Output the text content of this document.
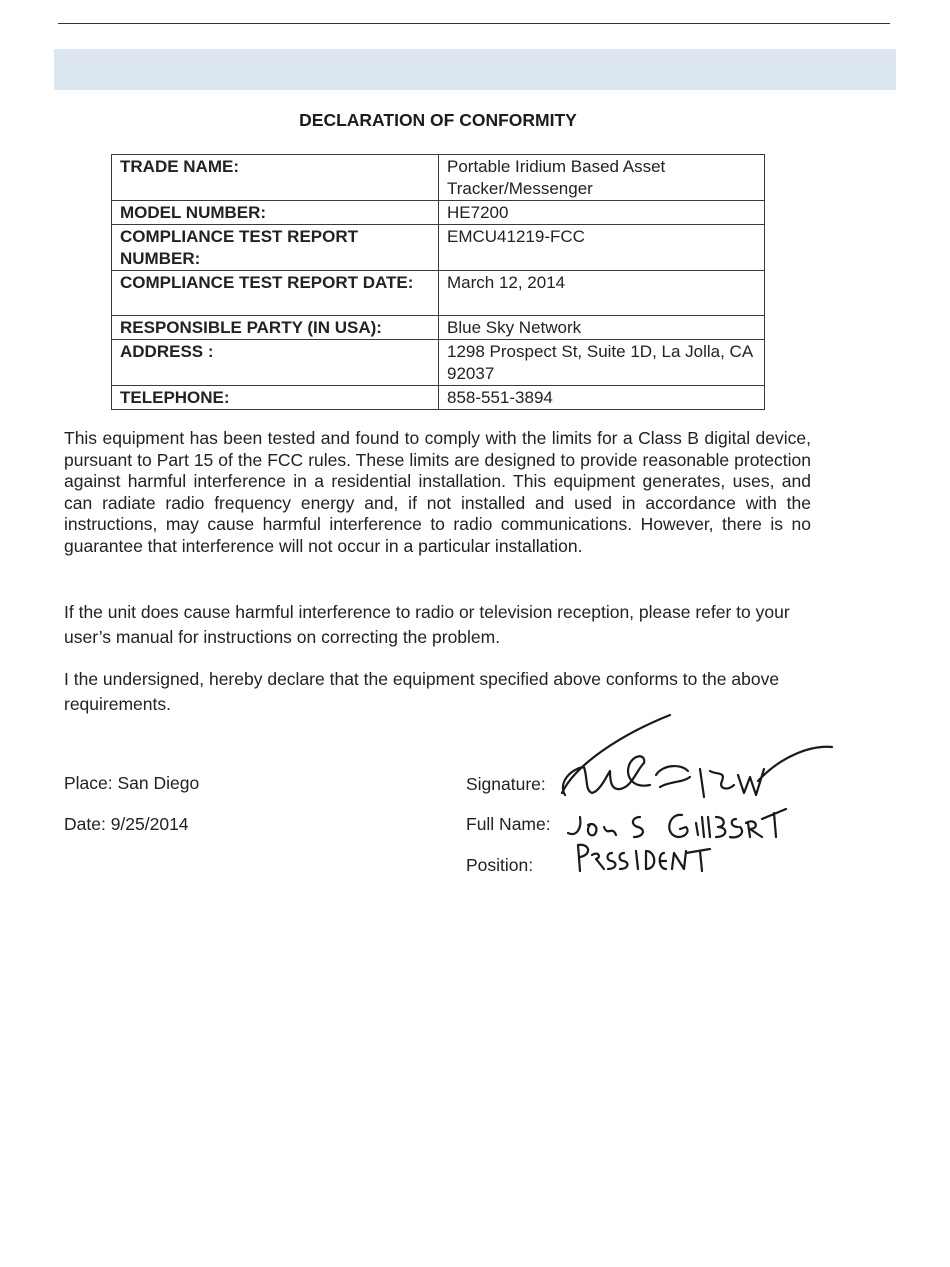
DECLARATION OF CONFORMITY
TRADE NAME:	Portable Iridium Based Asset Tracker/Messenger
MODEL NUMBER:	HE7200
COMPLIANCE TEST REPORT NUMBER:	EMCU41219-FCC
COMPLIANCE TEST REPORT DATE:	March 12, 2014
RESPONSIBLE PARTY (IN USA):	Blue Sky Network
ADDRESS :	1298 Prospect St, Suite 1D, La Jolla, CA 92037
TELEPHONE:	858-551-3894

This equipment has been tested and found to comply with the limits for a Class B digital device, pursuant to Part 15 of the FCC rules. These limits are designed to provide reasonable protection against harmful interference in a residential installation. This equipment generates, uses, and can radiate radio frequency energy and, if not installed and used in accordance with the instructions, may cause harmful interference to radio communications. However, there is no guarantee that interference will not occur in a particular installation.

If the unit does cause harmful interference to radio or television reception, please refer to your user’s manual for instructions on correcting the problem.

I the undersigned, hereby declare that the equipment specified above conforms to the above requirements.

Place: San Diego
Date: 9/25/2014
Signature:
Full Name:
Position:
